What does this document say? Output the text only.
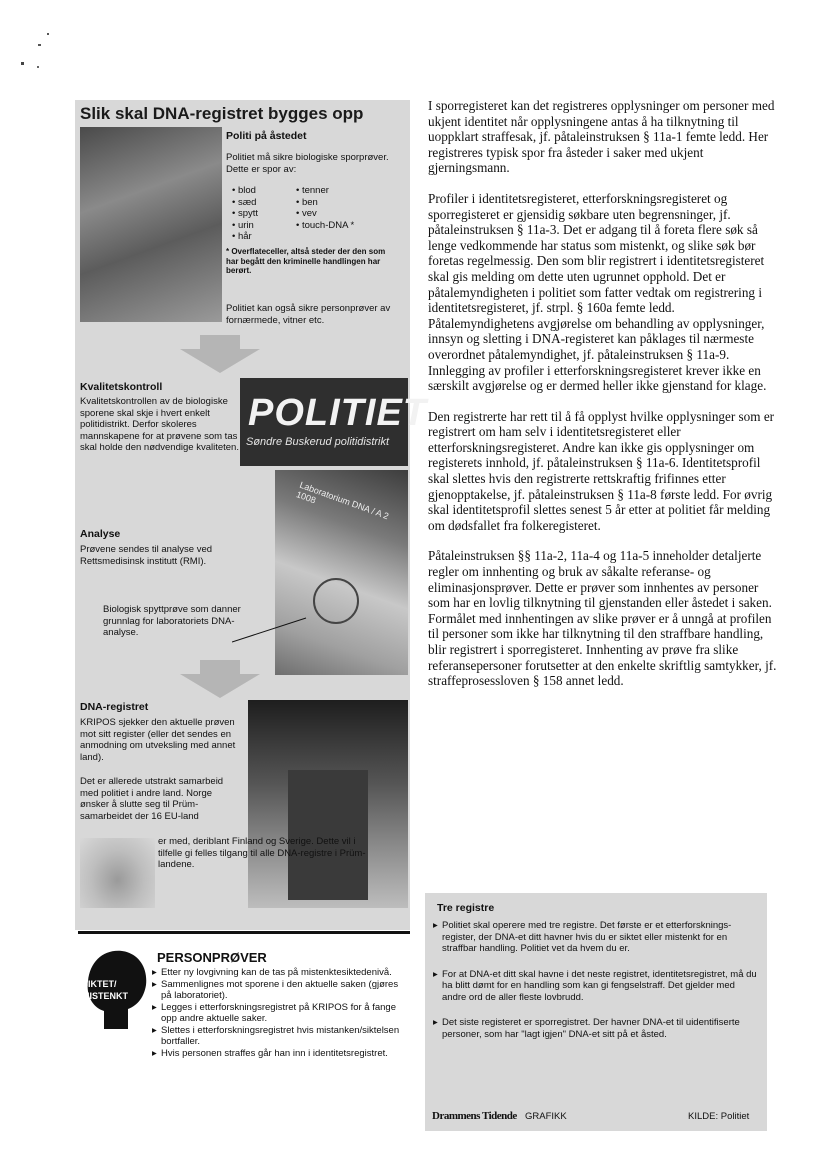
Slik skal DNA-registret bygges opp
Politi på åstedet
Politiet må sikre biologiske sporprøver. Dette er spor av:
• blod
• sæd
• spytt
• urin
• hår
• tenner
• ben
• vev
• touch-DNA *
* Overflateceller, altså steder der den som har begått den kriminelle handlingen har berørt.
Politiet kan også sikre personprøver av fornærmede, vitner etc.
Kvalitetskontroll
Kvalitetskontrollen av de biologiske sporene skal skje i hvert enkelt politidistrikt. Derfor skoleres mannskapene for at prøvene som tas skal holde den nødvendige kvaliteten.
POLITIET
Søndre Buskerud politidistrikt
Laboratorium DNA / A 2 1008
Analyse
Prøvene sendes til analyse ved Rettsmedisinsk institutt (RMI).
Biologisk spyttprøve som danner grunnlag for laboratoriets DNA-analyse.
DNA-registret
KRIPOS sjekker den aktuelle prøven mot sitt register (eller det sendes en anmodning om utveksling med annet land).
Det er allerede utstrakt samarbeid med politiet i andre land. Norge ønsker å slutte seg til Prüm-samarbeidet der 16 EU-land
er med, deriblant Finland og Sverige. Dette vil i tilfelle gi felles tilgang til alle DNA-registre i Prüm-landene.
SIKTET/
MISTENKT
PERSONPRØVER
▸ Etter ny lovgivning kan de tas på mistenktesiktedenivå.
▸ Sammenlignes mot sporene i den aktuelle saken (gjøres på laboratoriet).
▸ Legges i etterforskningsregistret på KRIPOS for å fange opp andre aktuelle saker.
▸ Slettes i etterforskningsregistret hvis mistanken/siktelsen bortfaller.
▸ Hvis personen straffes går han inn i identitetsregistret.

I sporregisteret kan det registreres opplysninger om personer med ukjent identitet når opplysningene antas å ha tilknytning til uoppklart straffesak, jf. påtaleinstruksen § 11a-1 femte ledd. Her registreres typisk spor fra åsteder i saker med ukjent gjerningsmann.

Profiler i identitetsregisteret, etterforskningsregisteret og sporregisteret er gjensidig søkbare uten begrensninger, jf. påtaleinstruksen § 11a-3. Det er adgang til å foreta flere søk så lenge vedkommende har status som mistenkt, og slike søk bør foretas regelmessig. Den som blir registrert i identitetsregisteret skal gis melding om dette uten ugrunnet opphold. Det er påtalemyndigheten i politiet som fatter vedtak om registrering i identitetsregisteret, jf. strpl. § 160a femte ledd. Påtalemyndighetens avgjørelse om behandling av opplysninger, innsyn og sletting i DNA-registeret kan påklages til nærmeste overordnet påtalemyndighet, jf. påtaleinstruksen § 11a-9. Innlegging av profiler i etterforskningsregisteret krever ikke en særskilt avgjørelse og er dermed heller ikke gjenstand for klage.

Den registrerte har rett til å få opplyst hvilke opplysninger som er registrert om ham selv i identitetsregisteret eller etterforskningsregisteret. Andre kan ikke gis opplysninger om registerets innhold, jf. påtaleinstruksen § 11a-6. Identitetsprofil skal slettes hvis den registrerte rettskraftig frifinnes etter gjenopptakelse, jf. påtaleinstruksen § 11a-8 første ledd. For øvrig skal identitetsprofil slettes senest 5 år etter at politiet får melding om dødsfallet fra folkeregisteret.

Påtaleinstruksen §§ 11a-2, 11a-4 og 11a-5 inneholder detaljerte regler om innhenting og bruk av såkalte referanse- og eliminasjonsprøver. Dette er prøver som innhentes av personer som har en lovlig tilknytning til gjenstanden eller åstedet i saken. Formålet med innhentingen av slike prøver er å unngå at profilen til personer som ikke har tilknytning til den straffbare handling, blir registrert i sporregisteret. Innhenting av prøve fra slike referansepersoner forutsetter at den enkelte skriftlig samtykker, jf. straffeprosessloven § 158 annet ledd.

Tre registre
▸ Politiet skal operere med tre registre. Det første er et etterforsknings-register, der DNA-et ditt havner hvis du er siktet eller mistenkt for en straffbar handling. Politiet vet da hvem du er.
▸ For at DNA-et ditt skal havne i det neste registret, identitetsregistret, må du ha blitt dømt for en handling som kan gi fengselstraff. Det gjelder med andre ord de aller fleste lovbrudd.
▸ Det siste registeret er sporregistret. Der havner DNA-et til uidentifiserte personer, som har "lagt igjen" DNA-et sitt på et åsted.
Drammens Tidende GRAFIKK	KILDE: Politiet
